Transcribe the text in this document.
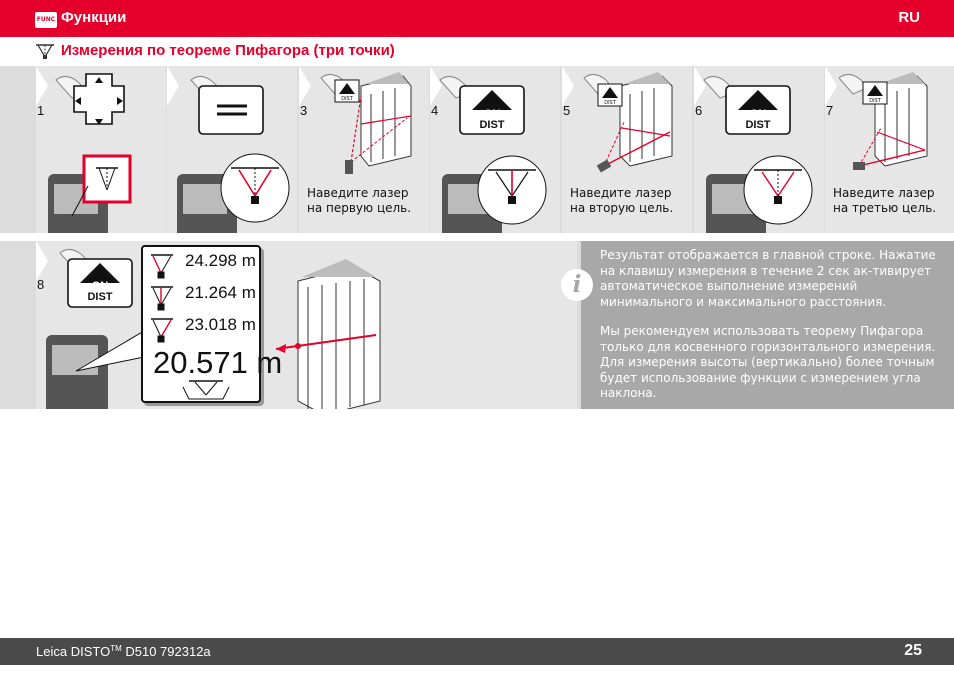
FUNC Функции	RU
Измерения по теореме Пифагора (три точки)
1
DIST
3
Наведите лазер
на первую цель.
4	ON
DIST
DIST
5
Наведите лазер
на вторую цель.
6	ON
DIST
DIST
7
Наведите лазер
на третью цель.
8	ON
DIST
24.298 m
21.264 m
23.018 m
20.571 m
i
Результат отображается в главной строке. Нажатие на клавишу измерения в течение 2 сек ак-тивирует автоматическое выполнение измерений минимального и максимального расстояния.
Мы рекомендуем использовать теорему Пифагора только для косвенного горизонтального измерения. Для измерения высоты (вертикально) более точным будет использование функции с измерением угла наклона.
Leica DISTO™ D510 792312a	25
